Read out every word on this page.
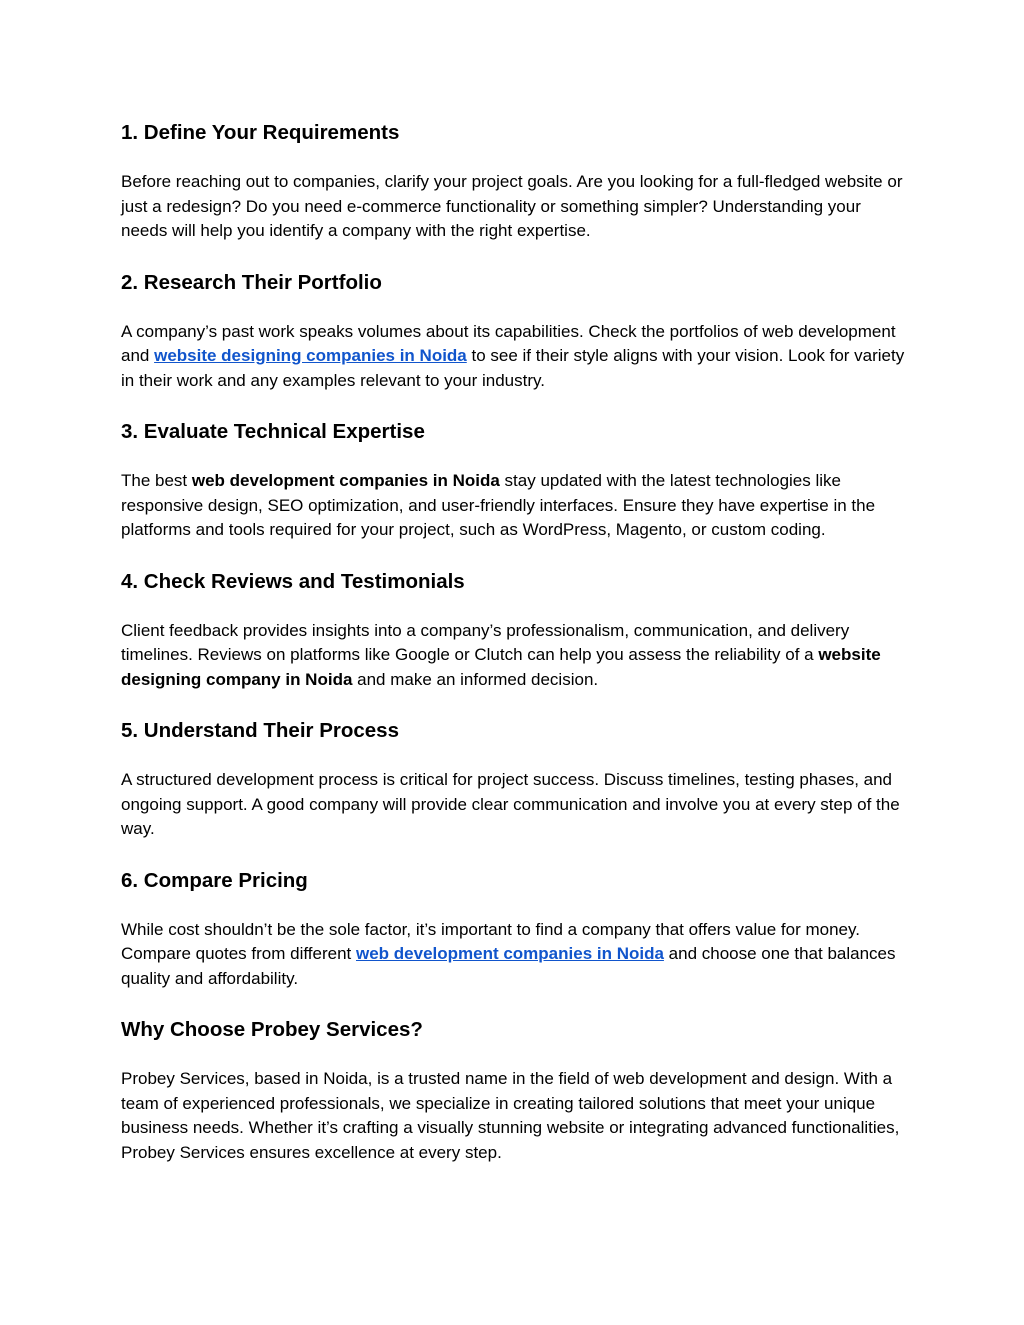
1. Define Your Requirements

Before reaching out to companies, clarify your project goals. Are you looking for a full-fledged website or just a redesign? Do you need e-commerce functionality or something simpler? Understanding your needs will help you identify a company with the right expertise.

2. Research Their Portfolio

A company’s past work speaks volumes about its capabilities. Check the portfolios of web development and website designing companies in Noida to see if their style aligns with your vision. Look for variety in their work and any examples relevant to your industry.

3. Evaluate Technical Expertise

The best web development companies in Noida stay updated with the latest technologies like responsive design, SEO optimization, and user-friendly interfaces. Ensure they have expertise in the platforms and tools required for your project, such as WordPress, Magento, or custom coding.

4. Check Reviews and Testimonials

Client feedback provides insights into a company’s professionalism, communication, and delivery timelines. Reviews on platforms like Google or Clutch can help you assess the reliability of a website designing company in Noida and make an informed decision.

5. Understand Their Process

A structured development process is critical for project success. Discuss timelines, testing phases, and ongoing support. A good company will provide clear communication and involve you at every step of the way.

6. Compare Pricing

While cost shouldn’t be the sole factor, it’s important to find a company that offers value for money. Compare quotes from different web development companies in Noida and choose one that balances quality and affordability.

Why Choose Probey Services?

Probey Services, based in Noida, is a trusted name in the field of web development and design. With a team of experienced professionals, we specialize in creating tailored solutions that meet your unique business needs. Whether it’s crafting a visually stunning website or integrating advanced functionalities, Probey Services ensures excellence at every step.
